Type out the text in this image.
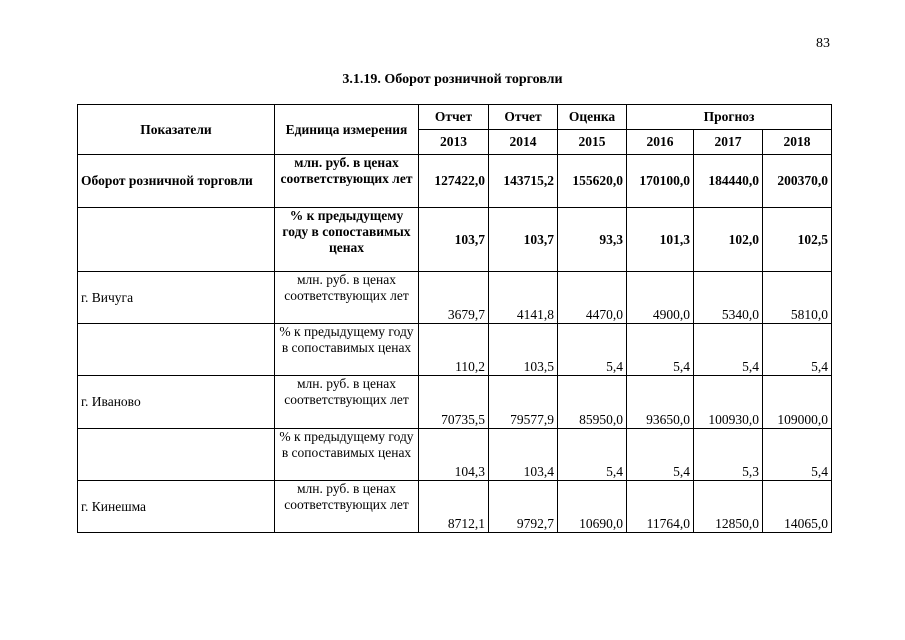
83
3.1.19. Оборот розничной торговли
Показатели	Единица измерения	Отчет	Отчет	Оценка	Прогноз		
		2013	2014	2015	2016	2017	2018
Оборот розничной торговли	млн. руб. в ценах соответствующих лет	127422,0	143715,2	155620,0	170100,0	184440,0	200370,0
	% к предыдущему году в сопоставимых ценах	103,7	103,7	93,3	101,3	102,0	102,5
г. Вичуга	млн. руб. в ценах соответствующих лет	3679,7	4141,8	4470,0	4900,0	5340,0	5810,0
	% к предыдущему году в сопоставимых ценах	110,2	103,5	5,4	5,4	5,4	5,4
г. Иваново	млн. руб. в ценах соответствующих лет	70735,5	79577,9	85950,0	93650,0	100930,0	109000,0
	% к предыдущему году в сопоставимых ценах	104,3	103,4	5,4	5,4	5,3	5,4
г. Кинешма	млн. руб. в ценах соответствующих лет	8712,1	9792,7	10690,0	11764,0	12850,0	14065,0
